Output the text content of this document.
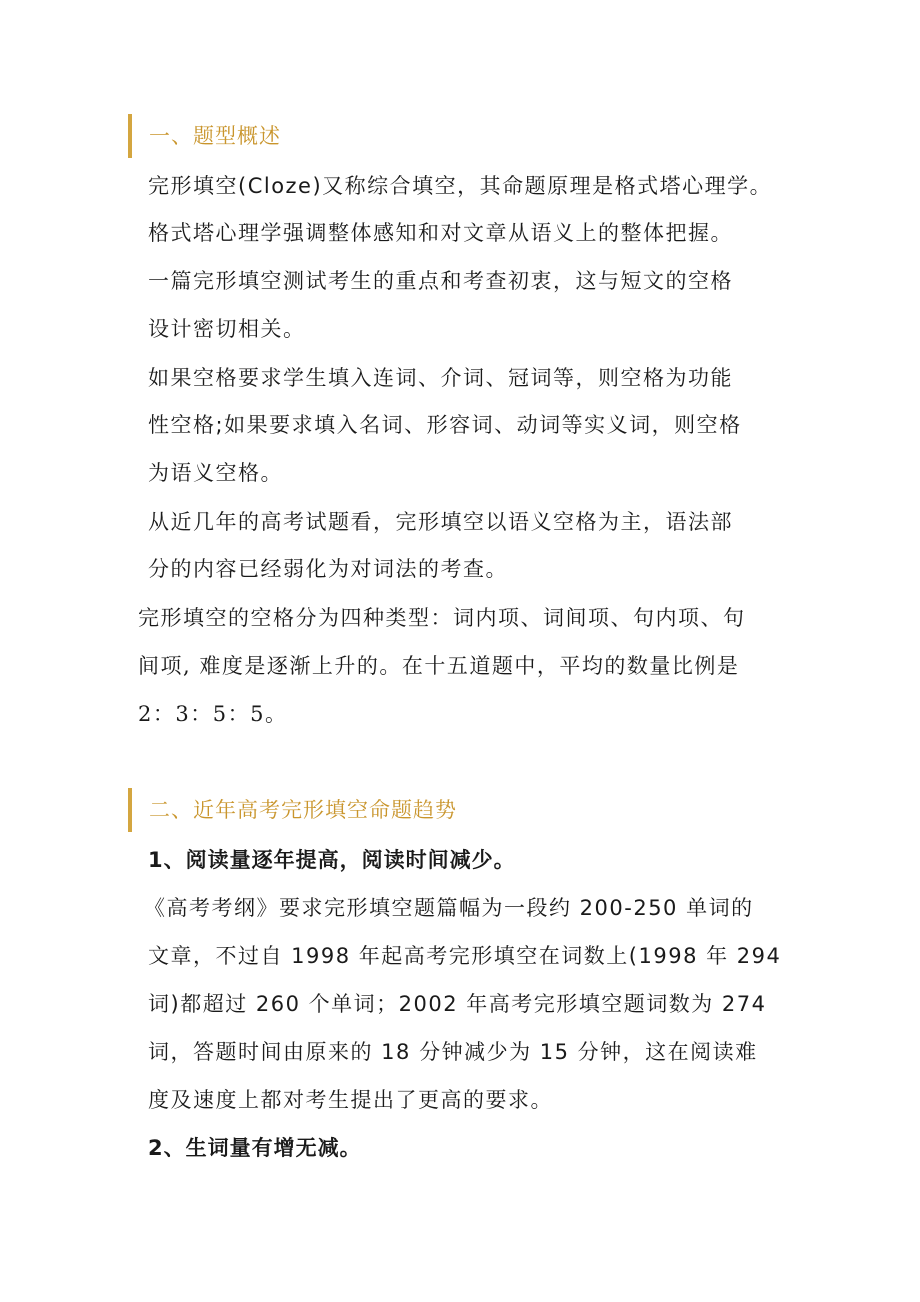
一、题型概述
完形填空(Cloze)又称综合填空，其命题原理是格式塔心理学。
格式塔心理学强调整体感知和对文章从语义上的整体把握。
一篇完形填空测试考生的重点和考查初衷，这与短文的空格
设计密切相关。
如果空格要求学生填入连词、介词、冠词等，则空格为功能
性空格;如果要求填入名词、形容词、动词等实义词，则空格
为语义空格。
从近几年的高考试题看，完形填空以语义空格为主，语法部
分的内容已经弱化为对词法的考查。
完形填空的空格分为四种类型：词内项、词间项、句内项、句
间项, 难度是逐渐上升的。在十五道题中，平均的数量比例是
2：3：5：5。
二、近年高考完形填空命题趋势
1、阅读量逐年提高，阅读时间减少。
《高考考纲》要求完形填空题篇幅为一段约 200-250 单词的
文章，不过自 1998 年起高考完形填空在词数上(1998 年 294
词)都超过 260 个单词；2002 年高考完形填空题词数为 274
词，答题时间由原来的 18 分钟减少为 15 分钟，这在阅读难
度及速度上都对考生提出了更高的要求。
2、生词量有增无减。
